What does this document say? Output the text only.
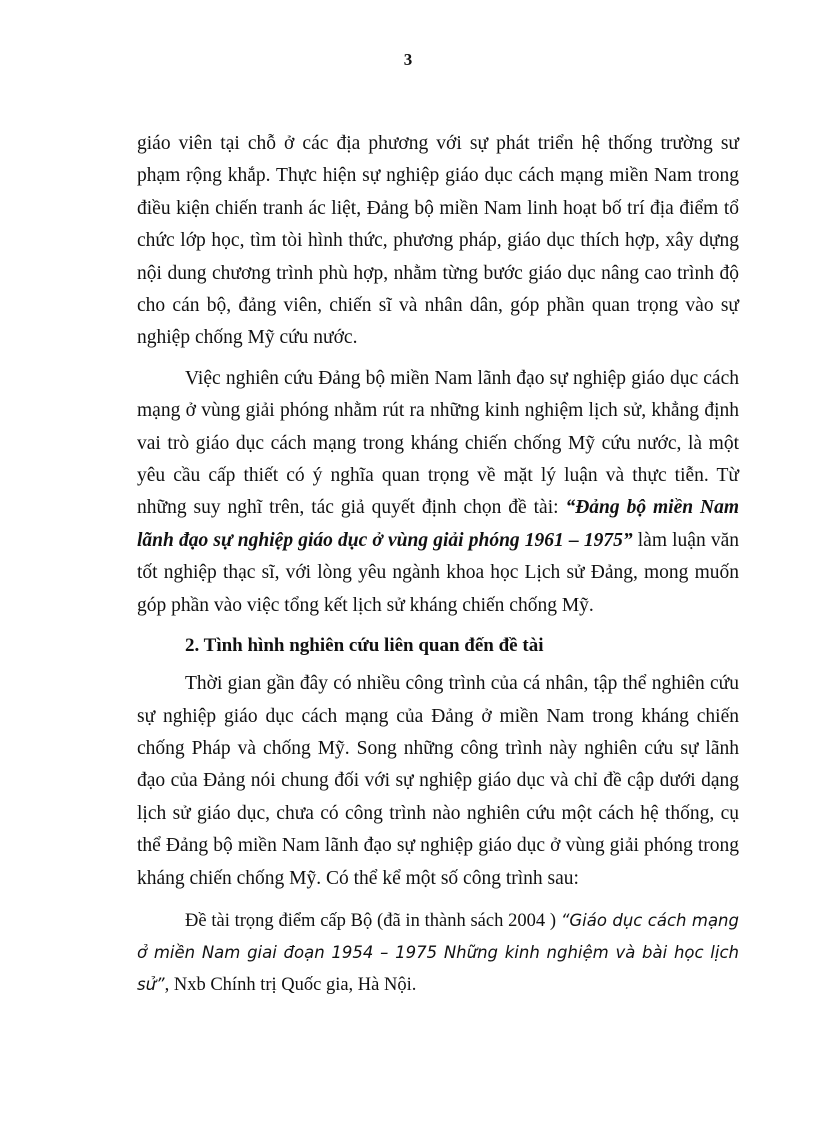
3

giáo viên tại chỗ ở các địa phương với sự phát triển hệ thống trường sư phạm rộng khắp. Thực hiện sự nghiệp giáo dục cách mạng miền Nam trong điều kiện chiến tranh ác liệt, Đảng bộ miền Nam linh hoạt bố trí địa điểm tổ chức lớp học, tìm tòi hình thức, phương pháp, giáo dục thích hợp, xây dựng nội dung chương trình phù hợp, nhằm từng bước giáo dục nâng cao trình độ cho cán bộ, đảng viên, chiến sĩ và nhân dân, góp phần quan trọng vào sự nghiệp chống Mỹ cứu nước.

Việc nghiên cứu Đảng bộ miền Nam lãnh đạo sự nghiệp giáo dục cách mạng ở vùng giải phóng nhằm rút ra những kinh nghiệm lịch sử, khẳng định vai trò giáo dục cách mạng trong kháng chiến chống Mỹ cứu nước, là một yêu cầu cấp thiết có ý nghĩa quan trọng về mặt lý luận và thực tiễn. Từ những suy nghĩ trên, tác giả quyết định chọn đề tài: “Đảng bộ miền Nam lãnh đạo sự nghiệp giáo dục ở vùng giải phóng 1961 – 1975” làm luận văn tốt nghiệp thạc sĩ, với lòng yêu ngành khoa học Lịch sử Đảng, mong muốn góp phần vào việc tổng kết lịch sử kháng chiến chống Mỹ.

2. Tình hình nghiên cứu liên quan đến đề tài

Thời gian gần đây có nhiều công trình của cá nhân, tập thể nghiên cứu sự nghiệp giáo dục cách mạng của Đảng ở miền Nam trong kháng chiến chống Pháp và chống Mỹ. Song những công trình này nghiên cứu sự lãnh đạo của Đảng nói chung đối với sự nghiệp giáo dục và chỉ đề cập dưới dạng lịch sử giáo dục, chưa có công trình nào nghiên cứu một cách hệ thống, cụ thể Đảng bộ miền Nam lãnh đạo sự nghiệp giáo dục ở vùng giải phóng trong kháng chiến chống Mỹ. Có thể kể một số công trình sau:

Đề tài trọng điểm cấp Bộ (đã in thành sách 2004 ) “Giáo dục cách mạng ở miền Nam giai đoạn 1954 – 1975 Những kinh nghiệm và bài học lịch sử”, Nxb Chính trị Quốc gia, Hà Nội.
